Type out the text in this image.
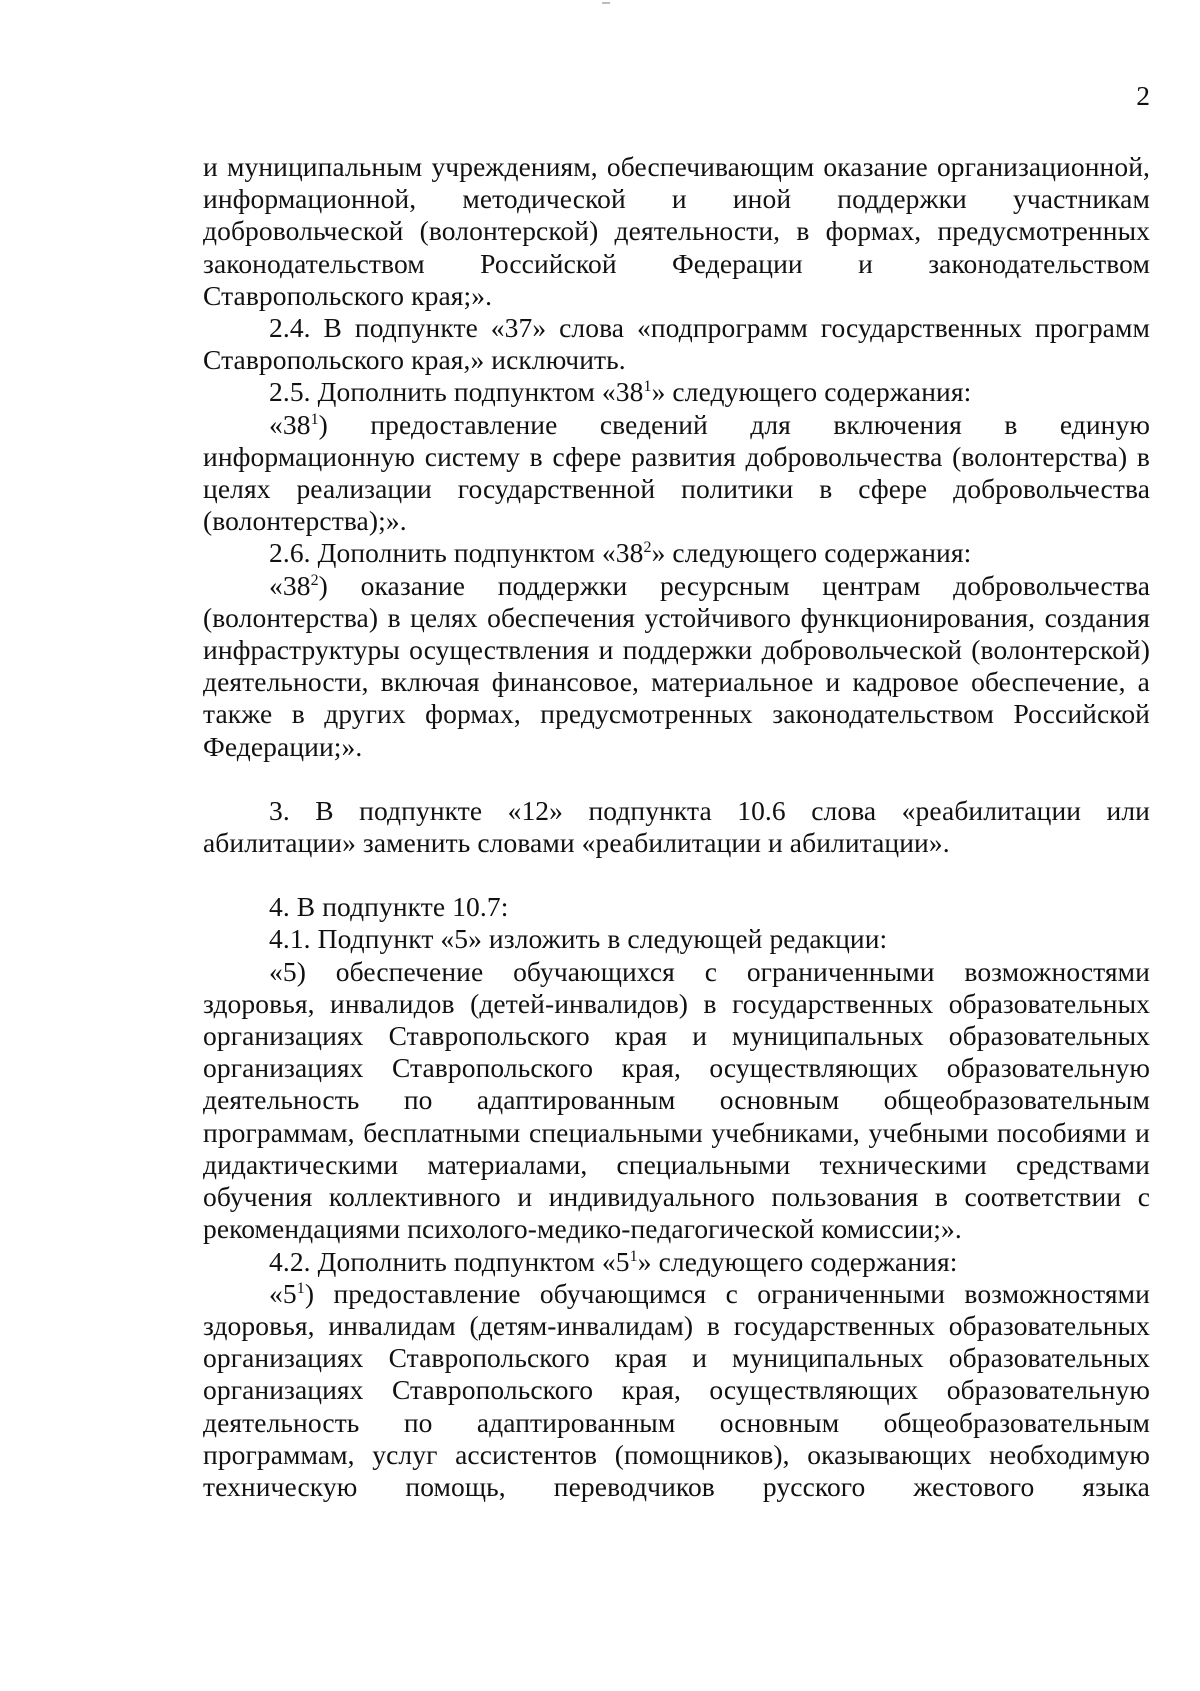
2

и муниципальным учреждениям, обеспечивающим оказание организационной, информационной, методической и иной поддержки участникам добровольческой (волонтерской) деятельности, в формах, предусмотренных законодательством Российской Федерации и законодательством Ставропольского края;».

2.4. В подпункте «37» слова «подпрограмм государственных программ Ставропольского края,» исключить.

2.5. Дополнить подпунктом «$38^1$» следующего содержания:

«$38^1$) предоставление сведений для включения в единую информационную систему в сфере развития добровольчества (волонтерства) в целях реализации государственной политики в сфере добровольчества (волонтерства);».

2.6. Дополнить подпунктом «$38^2$» следующего содержания:

«$38^2$) оказание поддержки ресурсным центрам добровольчества (волонтерства) в целях обеспечения устойчивого функционирования, создания инфраструктуры осуществления и поддержки добровольческой (волонтерской) деятельности, включая финансовое, материальное и кадровое обеспечение, а также в других формах, предусмотренных законодательством Российской Федерации;».

3. В подпункте «12» подпункта 10.6 слова «реабилитации или абилитации» заменить словами «реабилитации и абилитации».

4. В подпункте 10.7:

4.1. Подпункт «5» изложить в следующей редакции:

«5) обеспечение обучающихся с ограниченными возможностями здоровья, инвалидов (детей-инвалидов) в государственных образовательных организациях Ставропольского края и муниципальных образовательных организациях Ставропольского края, осуществляющих образовательную деятельность по адаптированным основным общеобразовательным программам, бесплатными специальными учебниками, учебными пособиями и дидактическими материалами, специальными техническими средствами обучения коллективного и индивидуального пользования в соответствии с рекомендациями психолого-медико-педагогической комиссии;».

4.2. Дополнить подпунктом «$5^1$» следующего содержания:

«$5^1$) предоставление обучающимся с ограниченными возможностями здоровья, инвалидам (детям-инвалидам) в государственных образовательных организациях Ставропольского края и муниципальных образовательных организациях Ставропольского края, осуществляющих образовательную деятельность по адаптированным основным общеобразовательным программам, услуг ассистентов (помощников), оказывающих необходимую техническую помощь, переводчиков русского жестового языка
